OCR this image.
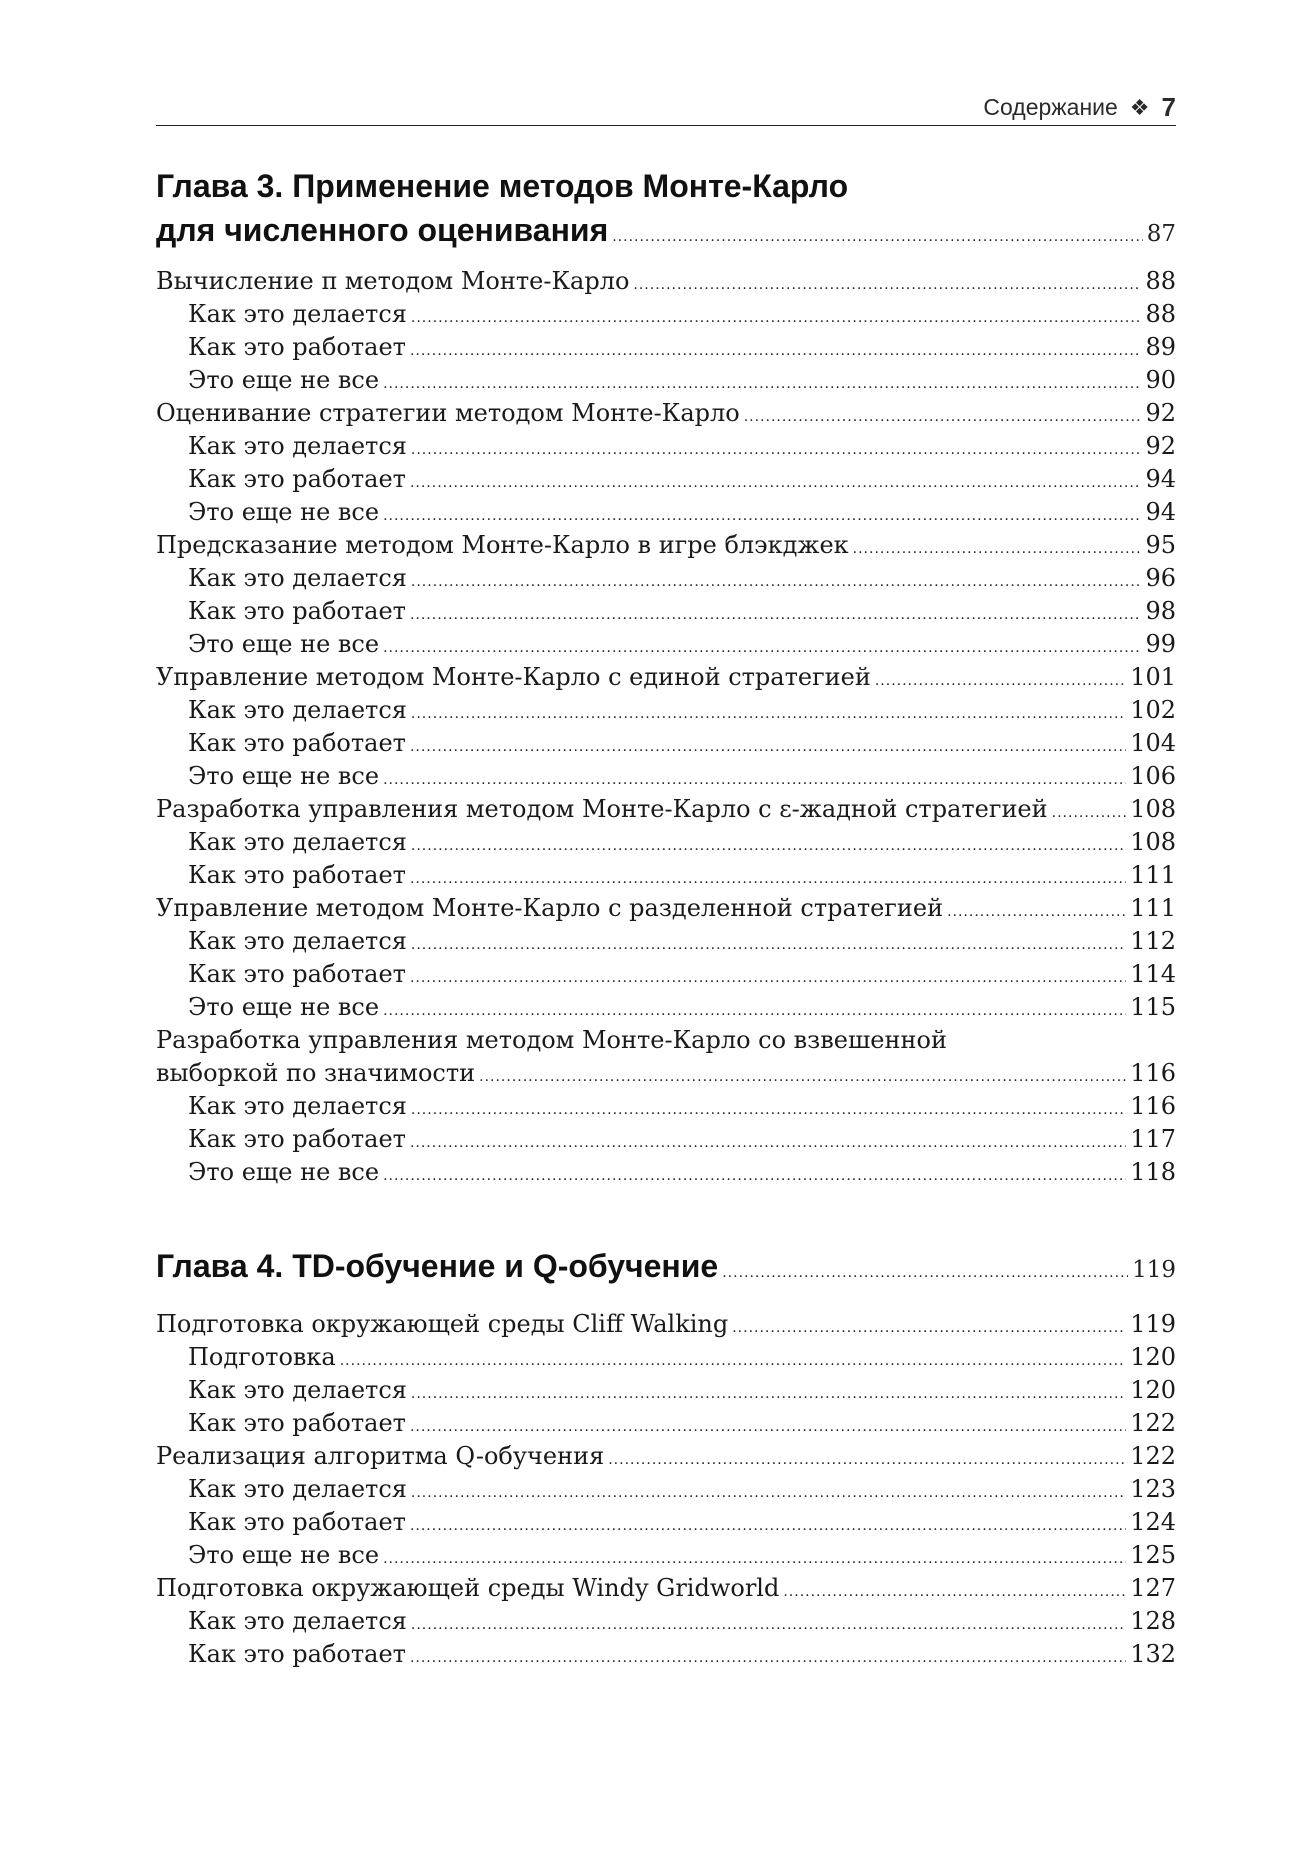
Содержание ❖ 7
Глава 3. Применение методов Монте-Карло
для численного оценивания .....	87
Вычисление π методом Монте-Карло .....	88
Как это делается .....	88
Как это работает .....	89
Это еще не все .....	90
Оценивание стратегии методом Монте-Карло .....	92
Как это делается .....	92
Как это работает .....	94
Это еще не все .....	94
Предсказание методом Монте-Карло в игре блэкджек .....	95
Как это делается .....	96
Как это работает .....	98
Это еще не все .....	99
Управление методом Монте-Карло с единой стратегией .....	101
Как это делается .....	102
Как это работает .....	104
Это еще не все .....	106
Разработка управления методом Монте-Карло с ε-жадной стратегией .....	108
Как это делается .....	108
Как это работает .....	111
Управление методом Монте-Карло с разделенной стратегией .....	111
Как это делается .....	112
Как это работает .....	114
Это еще не все .....	115
Разработка управления методом Монте-Карло со взвешенной
выборкой по значимости .....	116
Как это делается .....	116
Как это работает .....	117
Это еще не все .....	118
Глава 4. TD-обучение и Q-обучение .....	119
Подготовка окружающей среды Cliff Walking .....	119
Подготовка .....	120
Как это делается .....	120
Как это работает .....	122
Реализация алгоритма Q-обучения .....	122
Как это делается .....	123
Как это работает .....	124
Это еще не все .....	125
Подготовка окружающей среды Windy Gridworld .....	127
Как это делается .....	128
Как это работает .....	132
